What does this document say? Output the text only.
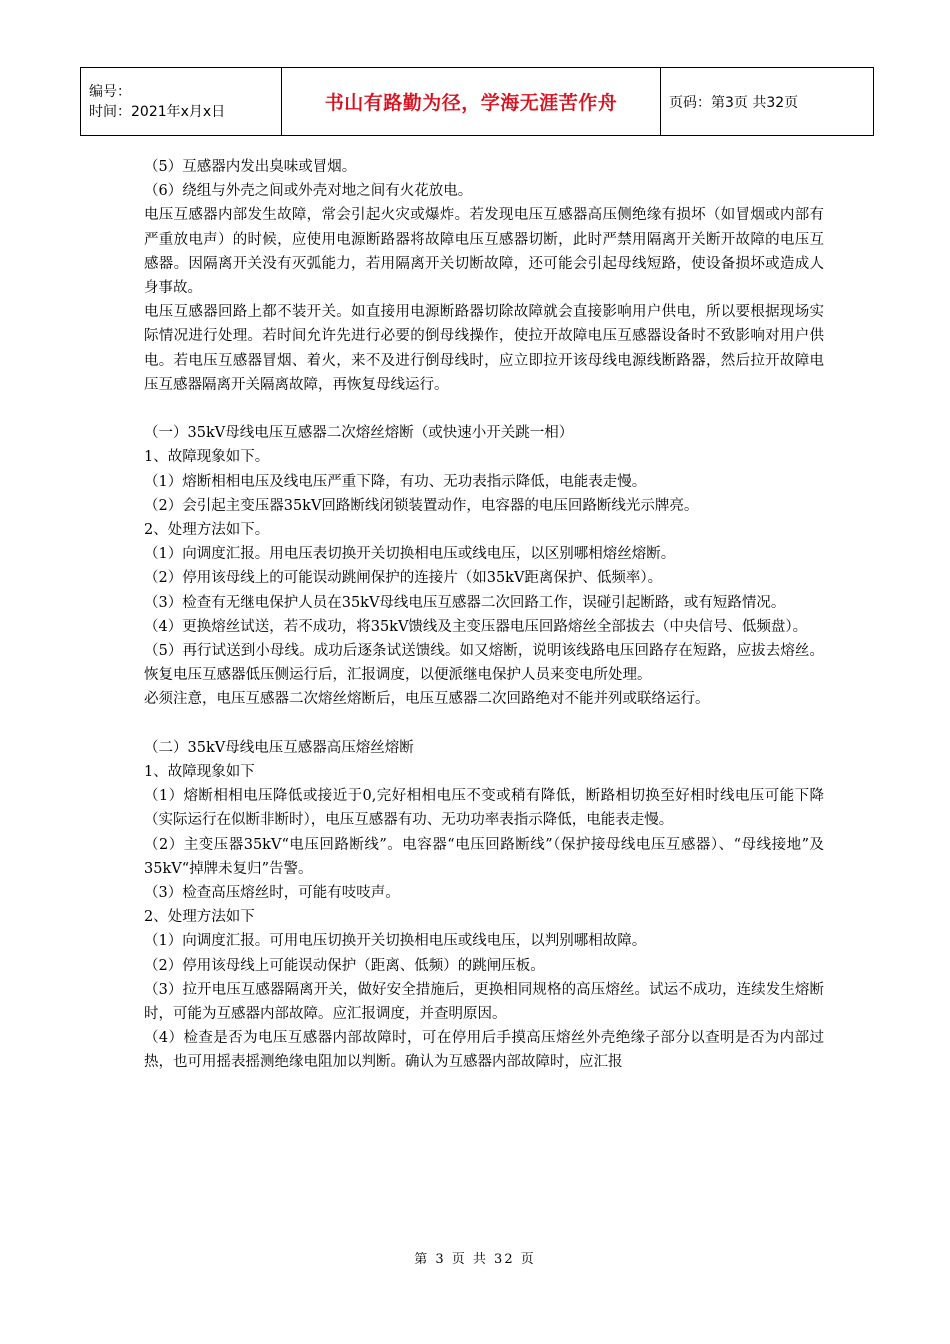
编号：
时间：2021年x月x日	书山有路勤为径，学海无涯苦作舟	页码：第3页 共32页

（5）互感器内发出臭味或冒烟。

（6）绕组与外壳之间或外壳对地之间有火花放电。

电压互感器内部发生故障，常会引起火灾或爆炸。若发现电压互感器高压侧绝缘有损坏（如冒烟或内部有严重放电声）的时候，应使用电源断路器将故障电压互感器切断，此时严禁用隔离开关断开故障的电压互感器。因隔离开关没有灭弧能力，若用隔离开关切断故障，还可能会引起母线短路，使设备损坏或造成人身事故。

电压互感器回路上都不装开关。如直接用电源断路器切除故障就会直接影响用户供电，所以要根据现场实际情况进行处理。若时间允许先进行必要的倒母线操作，使拉开故障电压互感器设备时不致影响对用户供电。若电压互感器冒烟、着火，来不及进行倒母线时，应立即拉开该母线电源线断路器，然后拉开故障电压互感器隔离开关隔离故障，再恢复母线运行。

（一）35kV母线电压互感器二次熔丝熔断（或快速小开关跳一相）

1、故障现象如下。

（1）熔断相相电压及线电压严重下降，有功、无功表指示降低，电能表走慢。

（2）会引起主变压器35kV回路断线闭锁装置动作，电容器的电压回路断线光示牌亮。

2、处理方法如下。

（1）向调度汇报。用电压表切换开关切换相电压或线电压，以区别哪相熔丝熔断。

（2）停用该母线上的可能误动跳闸保护的连接片（如35kV距离保护、低频率）。

（3）检查有无继电保护人员在35kV母线电压互感器二次回路工作，误碰引起断路，或有短路情况。

（4）更换熔丝试送，若不成功，将35kV馈线及主变压器电压回路熔丝全部拔去（中央信号、低频盘）。

（5）再行试送到小母线。成功后逐条试送馈线。如又熔断，说明该线路电压回路存在短路，应拔去熔丝。恢复电压互感器低压侧运行后，汇报调度，以便派继电保护人员来变电所处理。

必须注意，电压互感器二次熔丝熔断后，电压互感器二次回路绝对不能并列或联络运行。

（二）35kV母线电压互感器高压熔丝熔断

1、故障现象如下

（1）熔断相相电压降低或接近于0,完好相相电压不变或稍有降低，断路相切换至好相时线电压可能下降（实际运行在似断非断时），电压互感器有功、无功功率表指示降低，电能表走慢。

（2）主变压器35kV“电压回路断线”。电容器“电压回路断线”（保护接母线电压互感器）、“母线接地”及35kV“掉牌未复归”告警。

（3）检查高压熔丝时，可能有吱吱声。

2、处理方法如下

（1）向调度汇报。可用电压切换开关切换相电压或线电压，以判别哪相故障。

（2）停用该母线上可能误动保护（距离、低频）的跳闸压板。

（3）拉开电压互感器隔离开关，做好安全措施后，更换相同规格的高压熔丝。试运不成功，连续发生熔断时，可能为互感器内部故障。应汇报调度，并查明原因。

（4）检查是否为电压互感器内部故障时，可在停用后手摸高压熔丝外壳绝缘子部分以查明是否为内部过热，也可用摇表摇测绝缘电阻加以判断。确认为互感器内部故障时，应汇报

第 3 页 共 32 页
